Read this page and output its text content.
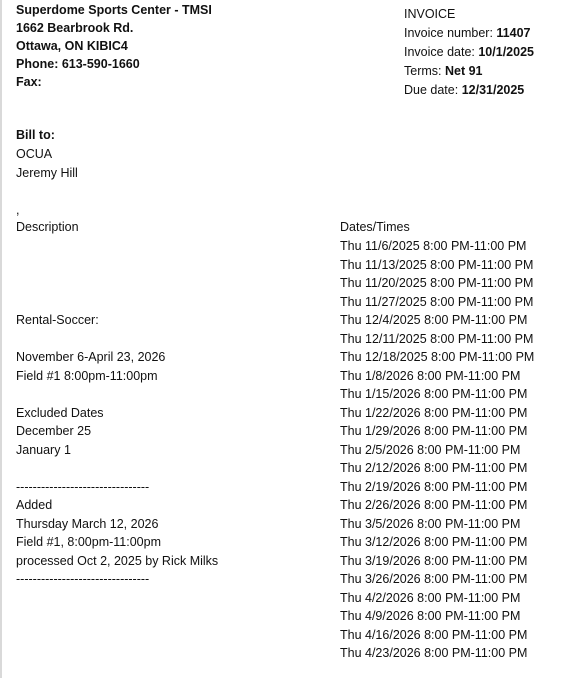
Superdome Sports Center - TMSI
1662 Bearbrook Rd.
Ottawa, ON KIBIC4
Phone: 613-590-1660
Fax:
INVOICE
Invoice number: 11407
Invoice date: 10/1/2025
Terms: Net 91
Due date: 12/31/2025
Bill to:
OCUA
Jeremy Hill
,
Description	Dates/Times
Rental-Soccer:
November 6-April 23, 2026
Field #1 8:00pm-11:00pm
Excluded Dates
December 25
January 1
--------------------------------
Added
Thursday March 12, 2026
Field #1, 8:00pm-11:00pm
processed Oct 2, 2025 by Rick Milks
--------------------------------
Thu 11/6/2025 8:00 PM-11:00 PM
Thu 11/13/2025 8:00 PM-11:00 PM
Thu 11/20/2025 8:00 PM-11:00 PM
Thu 11/27/2025 8:00 PM-11:00 PM
Thu 12/4/2025 8:00 PM-11:00 PM
Thu 12/11/2025 8:00 PM-11:00 PM
Thu 12/18/2025 8:00 PM-11:00 PM
Thu 1/8/2026 8:00 PM-11:00 PM
Thu 1/15/2026 8:00 PM-11:00 PM
Thu 1/22/2026 8:00 PM-11:00 PM
Thu 1/29/2026 8:00 PM-11:00 PM
Thu 2/5/2026 8:00 PM-11:00 PM
Thu 2/12/2026 8:00 PM-11:00 PM
Thu 2/19/2026 8:00 PM-11:00 PM
Thu 2/26/2026 8:00 PM-11:00 PM
Thu 3/5/2026 8:00 PM-11:00 PM
Thu 3/12/2026 8:00 PM-11:00 PM
Thu 3/19/2026 8:00 PM-11:00 PM
Thu 3/26/2026 8:00 PM-11:00 PM
Thu 4/2/2026 8:00 PM-11:00 PM
Thu 4/9/2026 8:00 PM-11:00 PM
Thu 4/16/2026 8:00 PM-11:00 PM
Thu 4/23/2026 8:00 PM-11:00 PM
